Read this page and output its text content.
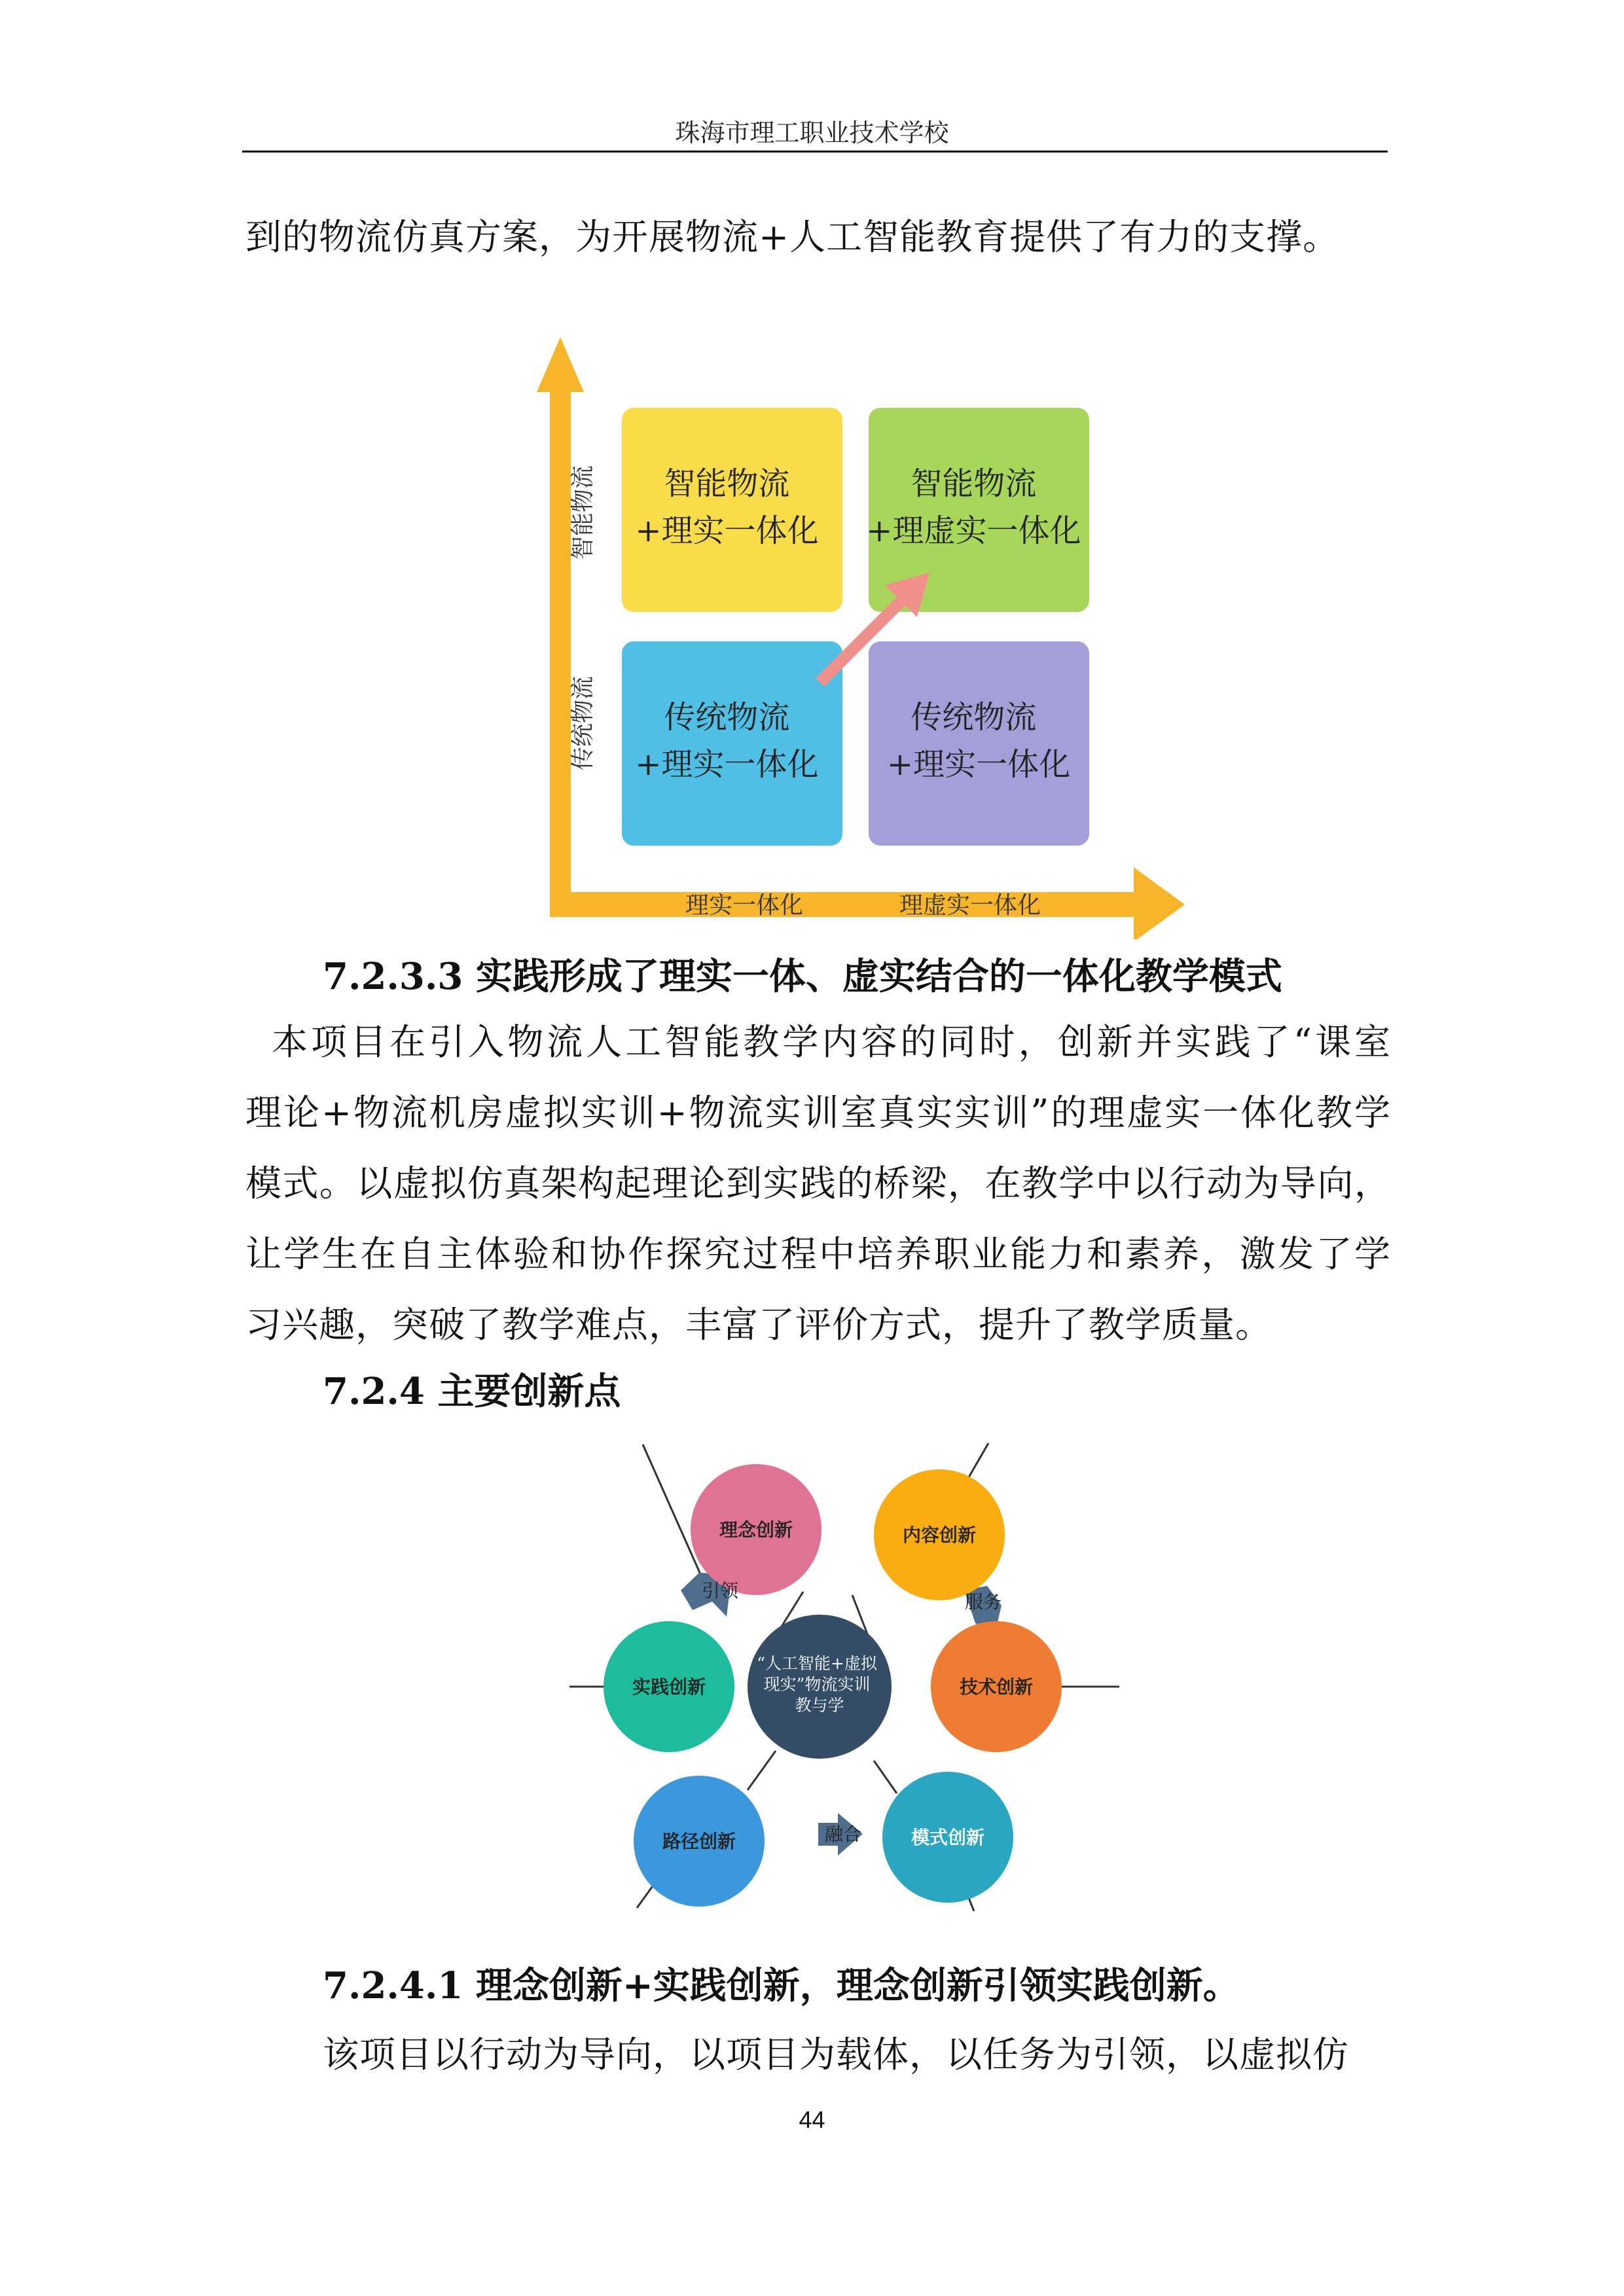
珠海市理工职业技术学校
到的物流仿真方案，为开展物流+人工智能教育提供了有力的支撑。
智能物流 +理实一体化 智能物流 +理虚实一体化 传统物流 +理实一体化 传统物流 +理实一体化
智能物流
传统物流
理实一体化	理虚实一体化
7.2.3.3 实践形成了理实一体、虚实结合的一体化教学模式
本项目在引入物流人工智能教学内容的同时，创新并实践了“课室
理论+物流机房虚拟实训+物流实训室真实实训”的理虚实一体化教学
模式。以虚拟仿真架构起理论到实践的桥梁，在教学中以行动为导向，
让学生在自主体验和协作探究过程中培养职业能力和素养，激发了学
习兴趣，突破了教学难点，丰富了评价方式，提升了教学质量。
7.2.4 主要创新点
“人工智能+虚拟 现实”物流实训 教与学
理念创新	内容创新
技术创新
模式创新
路径创新
实践创新
引领
服务
融合
7.2.4.1 理念创新+实践创新，理念创新引领实践创新。
该项目以行动为导向，以项目为载体，以任务为引领，以虚拟仿
44
